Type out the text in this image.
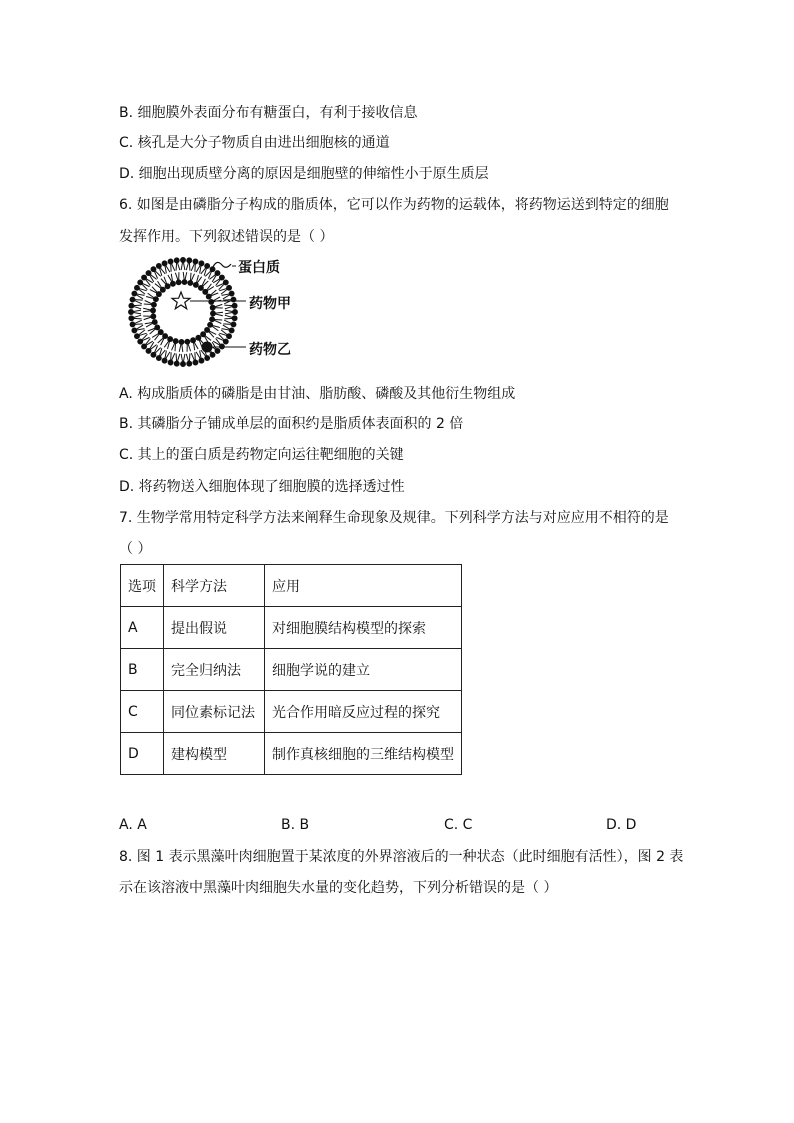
B. 细胞膜外表面分布有糖蛋白，有利于接收信息
C. 核孔是大分子物质自由进出细胞核的通道
D. 细胞出现质壁分离的原因是细胞壁的伸缩性小于原生质层
6. 如图是由磷脂分子构成的脂质体，它可以作为药物的运载体，将药物运送到特定的细胞
发挥作用。下列叙述错误的是（ ）
蛋白质
药物甲
药物乙
A. 构成脂质体的磷脂是由甘油、脂肪酸、磷酸及其他衍生物组成
B. 其磷脂分子铺成单层的面积约是脂质体表面积的 2 倍
C. 其上的蛋白质是药物定向运往靶细胞的关键
D. 将药物送入细胞体现了细胞膜的选择透过性
7. 生物学常用特定科学方法来阐释生命现象及规律。下列科学方法与对应应用不相符的是
（ ）
选项	科学方法	应用
A	提出假说	对细胞膜结构模型的探索
B	完全归纳法	细胞学说的建立
C	同位素标记法	光合作用暗反应过程的探究
D	建构模型	制作真核细胞的三维结构模型
A. A	B. B	C. C	D. D
8. 图 1 表示黑藻叶肉细胞置于某浓度的外界溶液后的一种状态（此时细胞有活性），图 2 表
示在该溶液中黑藻叶肉细胞失水量的变化趋势，下列分析错误的是（ ）
